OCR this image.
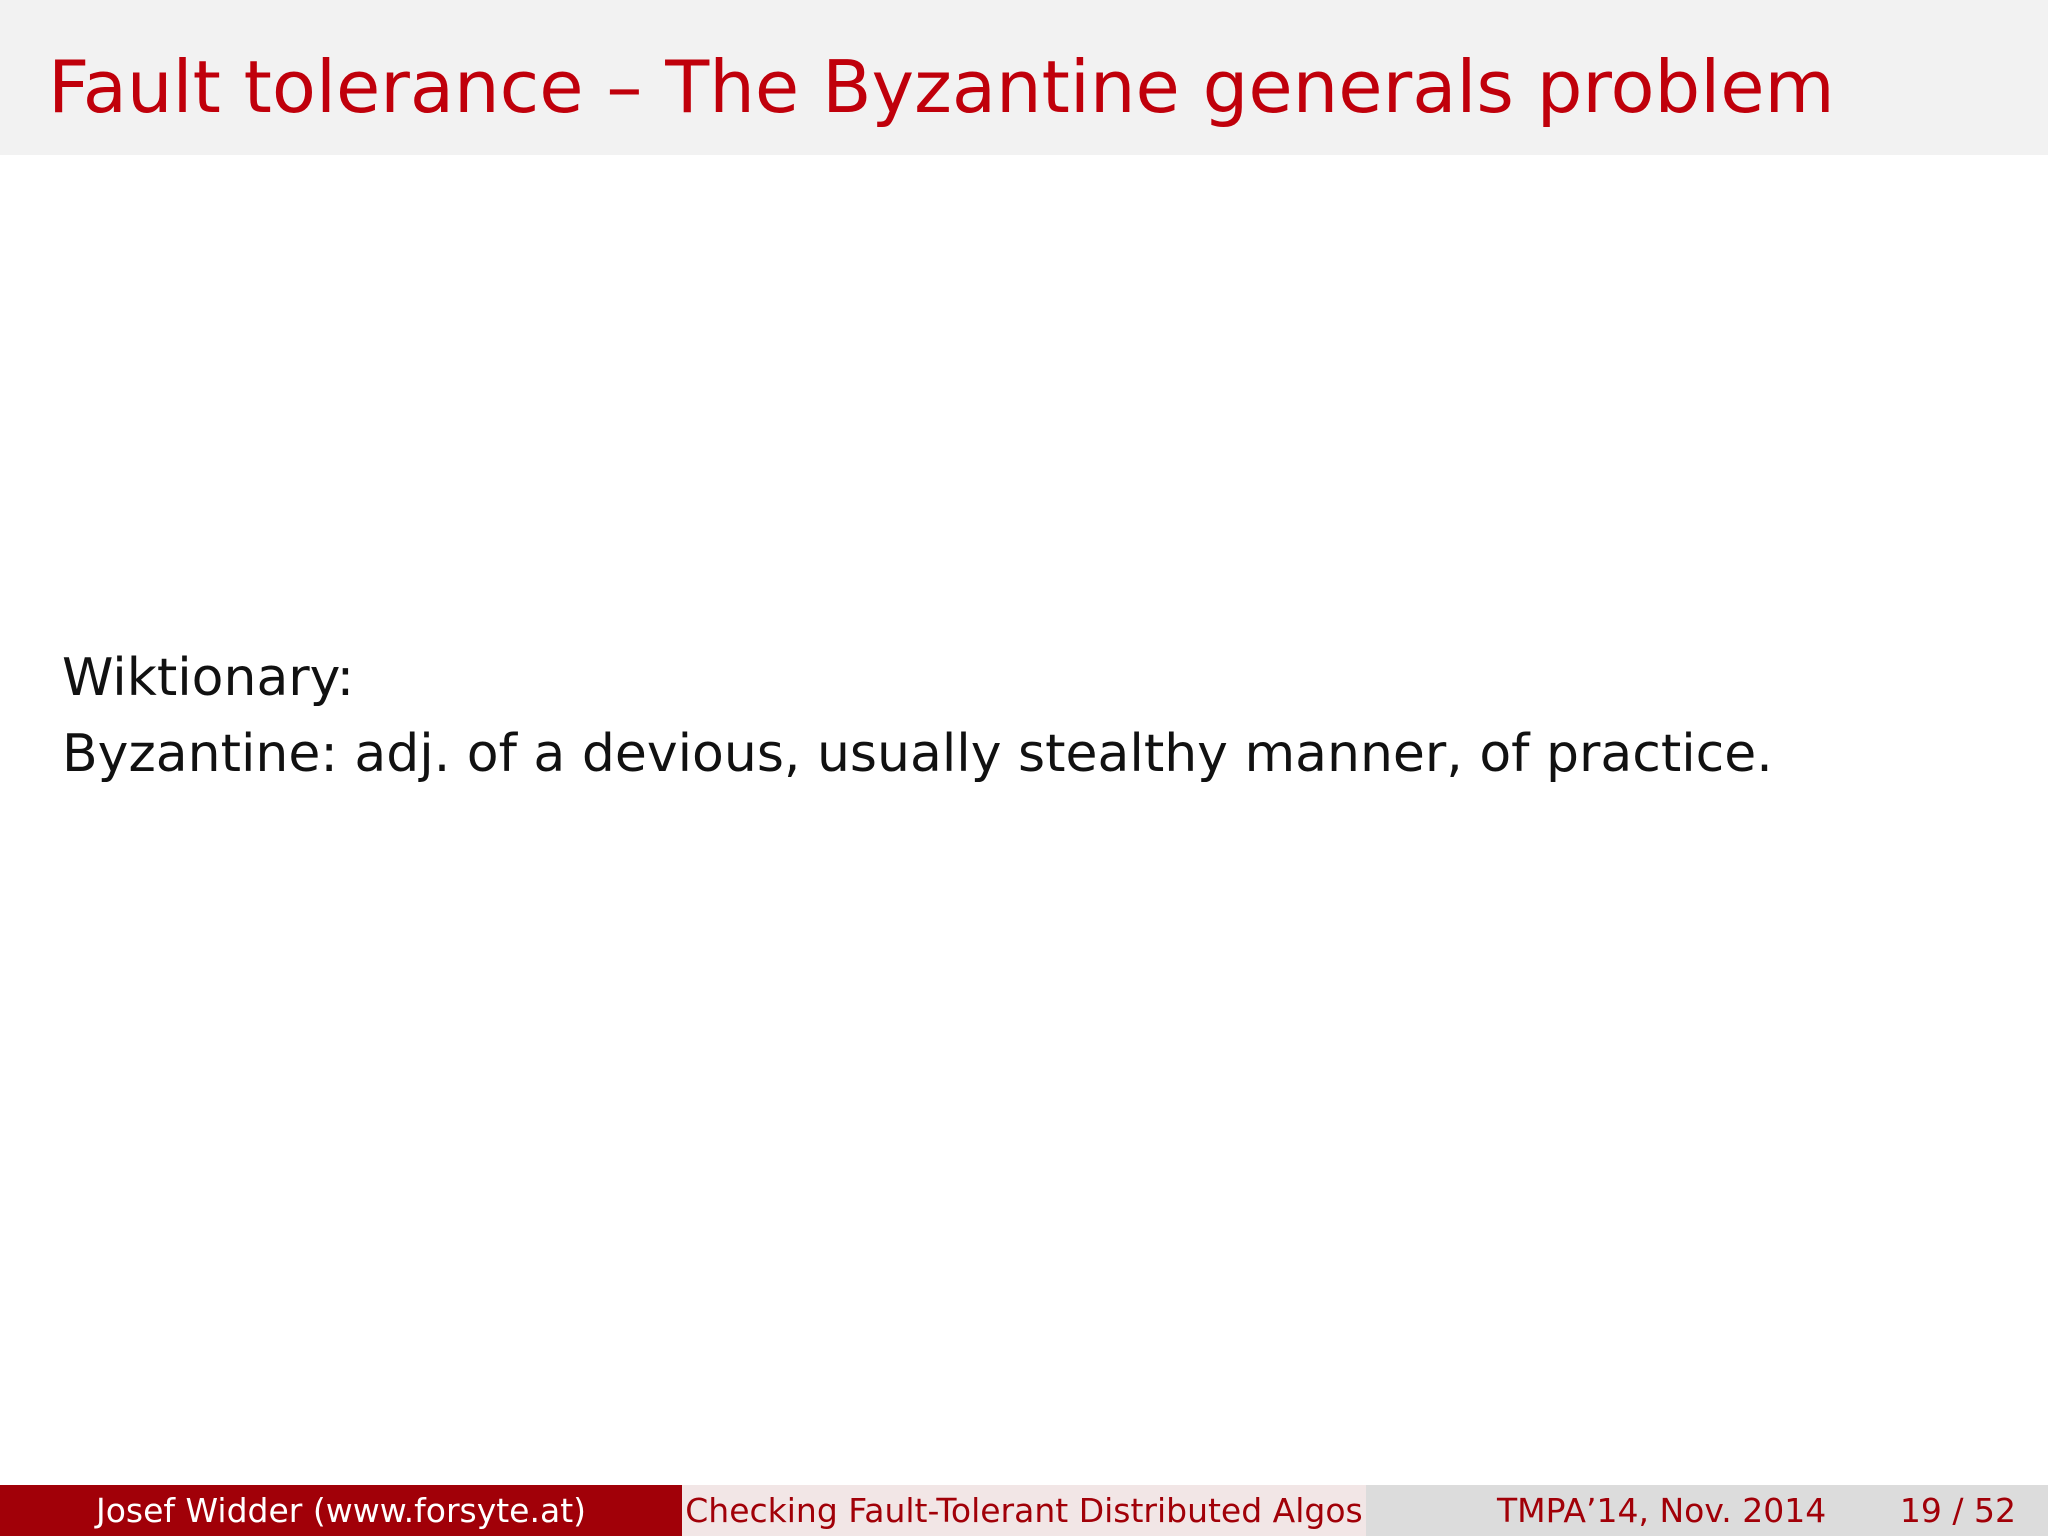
Fault tolerance – The Byzantine generals problem
Wiktionary:
Byzantine: adj. of a devious, usually stealthy manner, of practice.
Josef Widder (www.forsyte.at)	Checking Fault-Tolerant Distributed Algos	TMPA’14, Nov. 2014 19 / 52
